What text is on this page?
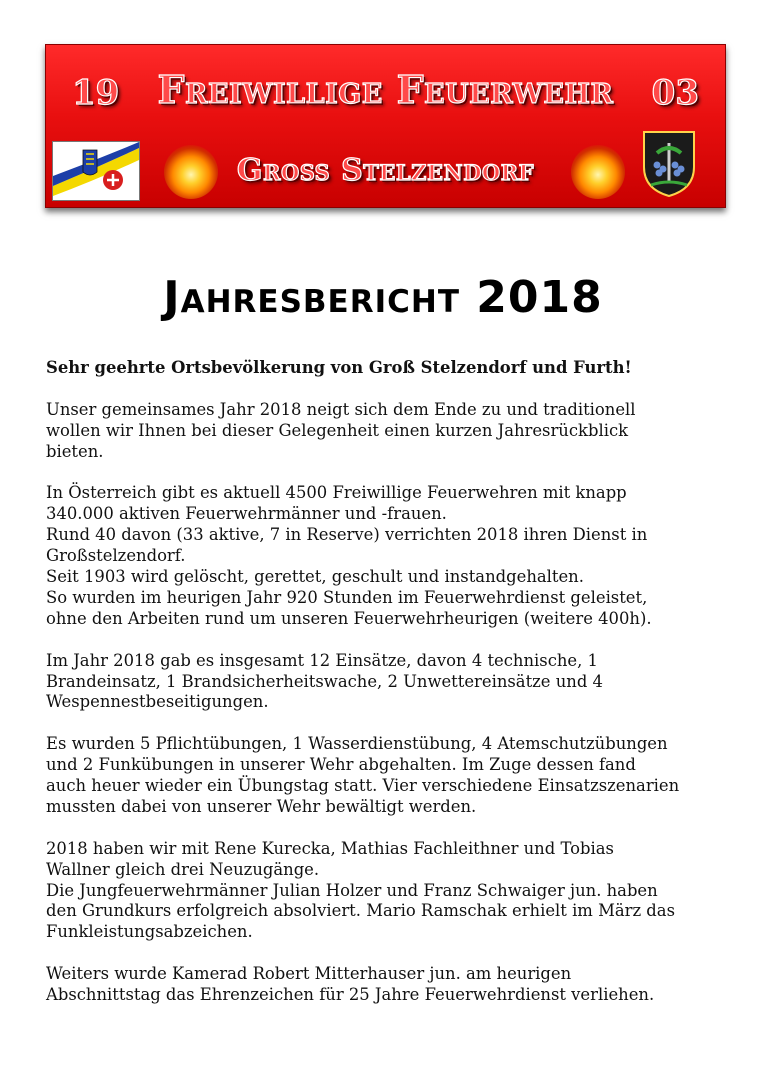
19	Freiwillige Feuerwehr	03
Groß Stelzendorf
Jahresbericht 2018

Sehr geehrte Ortsbevölkerung von Groß Stelzendorf und Furth!

Unser gemeinsames Jahr 2018 neigt sich dem Ende zu und traditionell
wollen wir Ihnen bei dieser Gelegenheit einen kurzen Jahresrückblick
bieten.

In Österreich gibt es aktuell 4500 Freiwillige Feuerwehren mit knapp
340.000 aktiven Feuerwehrmänner und -frauen.
Rund 40 davon (33 aktive, 7 in Reserve) verrichten 2018 ihren Dienst in
Großstelzendorf.
Seit 1903 wird gelöscht, gerettet, geschult und instandgehalten.
So wurden im heurigen Jahr 920 Stunden im Feuerwehrdienst geleistet,
ohne den Arbeiten rund um unseren Feuerwehrheurigen (weitere 400h).

Im Jahr 2018 gab es insgesamt 12 Einsätze, davon 4 technische, 1
Brandeinsatz, 1 Brandsicherheitswache, 2 Unwettereinsätze und 4
Wespennestbeseitigungen.

Es wurden 5 Pflichtübungen, 1 Wasserdienstübung, 4 Atemschutzübungen
und 2 Funkübungen in unserer Wehr abgehalten. Im Zuge dessen fand
auch heuer wieder ein Übungstag statt. Vier verschiedene Einsatzszenarien
mussten dabei von unserer Wehr bewältigt werden.

2018 haben wir mit Rene Kurecka, Mathias Fachleithner und Tobias
Wallner gleich drei Neuzugänge.
Die Jungfeuerwehrmänner Julian Holzer und Franz Schwaiger jun. haben
den Grundkurs erfolgreich absolviert. Mario Ramschak erhielt im März das
Funkleistungsabzeichen.

Weiters wurde Kamerad Robert Mitterhauser jun. am heurigen
Abschnittstag das Ehrenzeichen für 25 Jahre Feuerwehrdienst verliehen.
